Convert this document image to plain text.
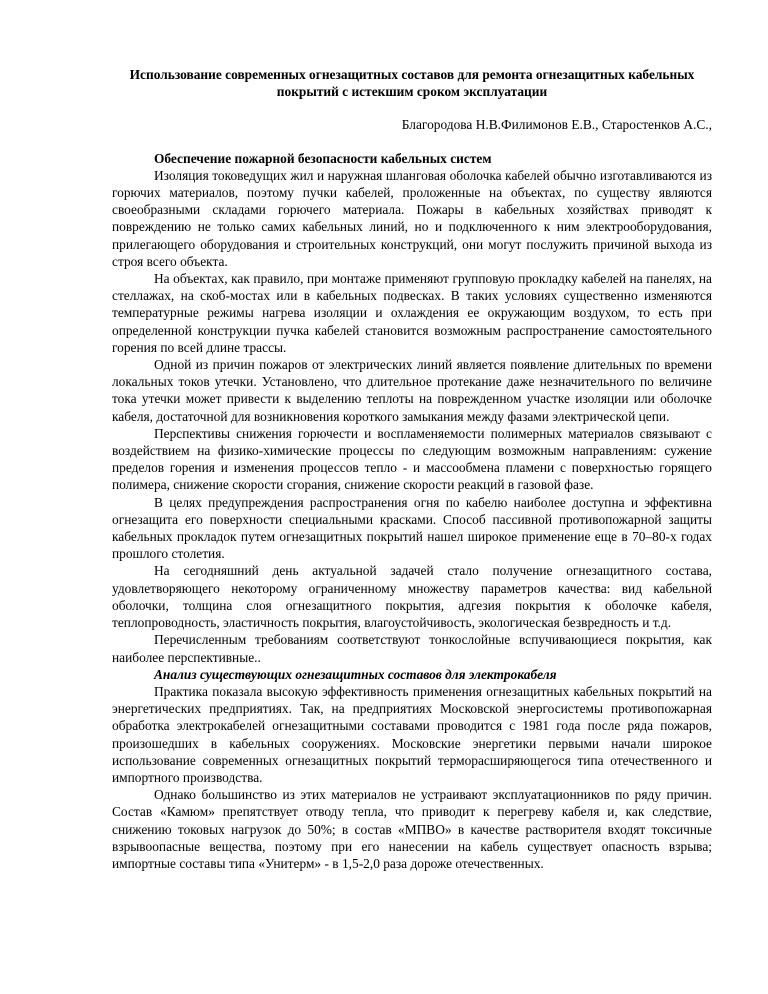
Использование современных огнезащитных составов для ремонта огнезащитных кабельных покрытий с истекшим сроком эксплуатации

Благородова Н.В.Филимонов Е.В., Старостенков А.С.,

Обеспечение пожарной безопасности кабельных систем

Изоляция токоведущих жил и наружная шланговая оболочка кабелей обычно изготавливаются из горючих материалов, поэтому пучки кабелей, проложенные на объектах, по существу являются своеобразными складами горючего материала. Пожары в кабельных хозяйствах приводят к повреждению не только самих кабельных линий, но и подключенного к ним электрооборудования, прилегающего оборудования и строительных конструкций, они могут послужить причиной выхода из строя всего объекта.

На объектах, как правило, при монтаже применяют групповую прокладку кабелей на панелях, на стеллажах, на скоб-мостах или в кабельных подвесках. В таких условиях существенно изменяются температурные режимы нагрева изоляции и охлаждения ее окружающим воздухом, то есть при определенной конструкции пучка кабелей становится возможным распространение самостоятельного горения по всей длине трассы.

Одной из причин пожаров от электрических линий является появление длительных по времени локальных токов утечки. Установлено, что длительное протекание даже незначительного по величине тока утечки может привести к выделению теплоты на поврежденном участке изоляции или оболочке кабеля, достаточной для возникновения короткого замыкания между фазами электрической цепи.

Перспективы снижения горючести и воспламеняемости полимерных материалов связывают с воздействием на физико-химические процессы по следующим возможным направлениям: сужение пределов горения и изменения процессов тепло - и массообмена пламени с поверхностью горящего полимера, снижение скорости сгорания, снижение скорости реакций в газовой фазе.

В целях предупреждения распространения огня по кабелю наиболее доступна и эффективна огнезащита его поверхности специальными красками. Способ пассивной противопожарной защиты кабельных прокладок путем огнезащитных покрытий нашел широкое применение еще в 70–80-х годах прошлого столетия.

На сегодняшний день актуальной задачей стало получение огнезащитного состава, удовлетворяющего некоторому ограниченному множеству параметров качества: вид кабельной оболочки, толщина слоя огнезащитного покрытия, адгезия покрытия к оболочке кабеля, теплопроводность, эластичность покрытия, влагоустойчивость, экологическая безвредность и т.д.

Перечисленным требованиям соответствуют тонкослойные вспучивающиеся покрытия, как наиболее перспективные..

Анализ существующих огнезащитных составов для электрокабеля

Практика показала высокую эффективность применения огнезащитных кабельных покрытий на энергетических предприятиях. Так, на предприятиях Московской энергосистемы противопожарная обработка электрокабелей огнезащитными составами проводится с 1981 года после ряда пожаров, произошедших в кабельных сооружениях. Московские энергетики первыми начали широкое использование современных огнезащитных покрытий терморасширяющегося типа отечественного и импортного производства.

Однако большинство из этих материалов не устраивают эксплуатационников по ряду причин. Состав «Камюм» препятствует отводу тепла, что приводит к перегреву кабеля и, как следствие, снижению токовых нагрузок до 50%; в состав «МПВО» в качестве растворителя входят токсичные взрывоопасные вещества, поэтому при его нанесении на кабель существует опасность взрыва; импортные составы типа «Унитерм» - в 1,5-2,0 раза дороже отечественных.
